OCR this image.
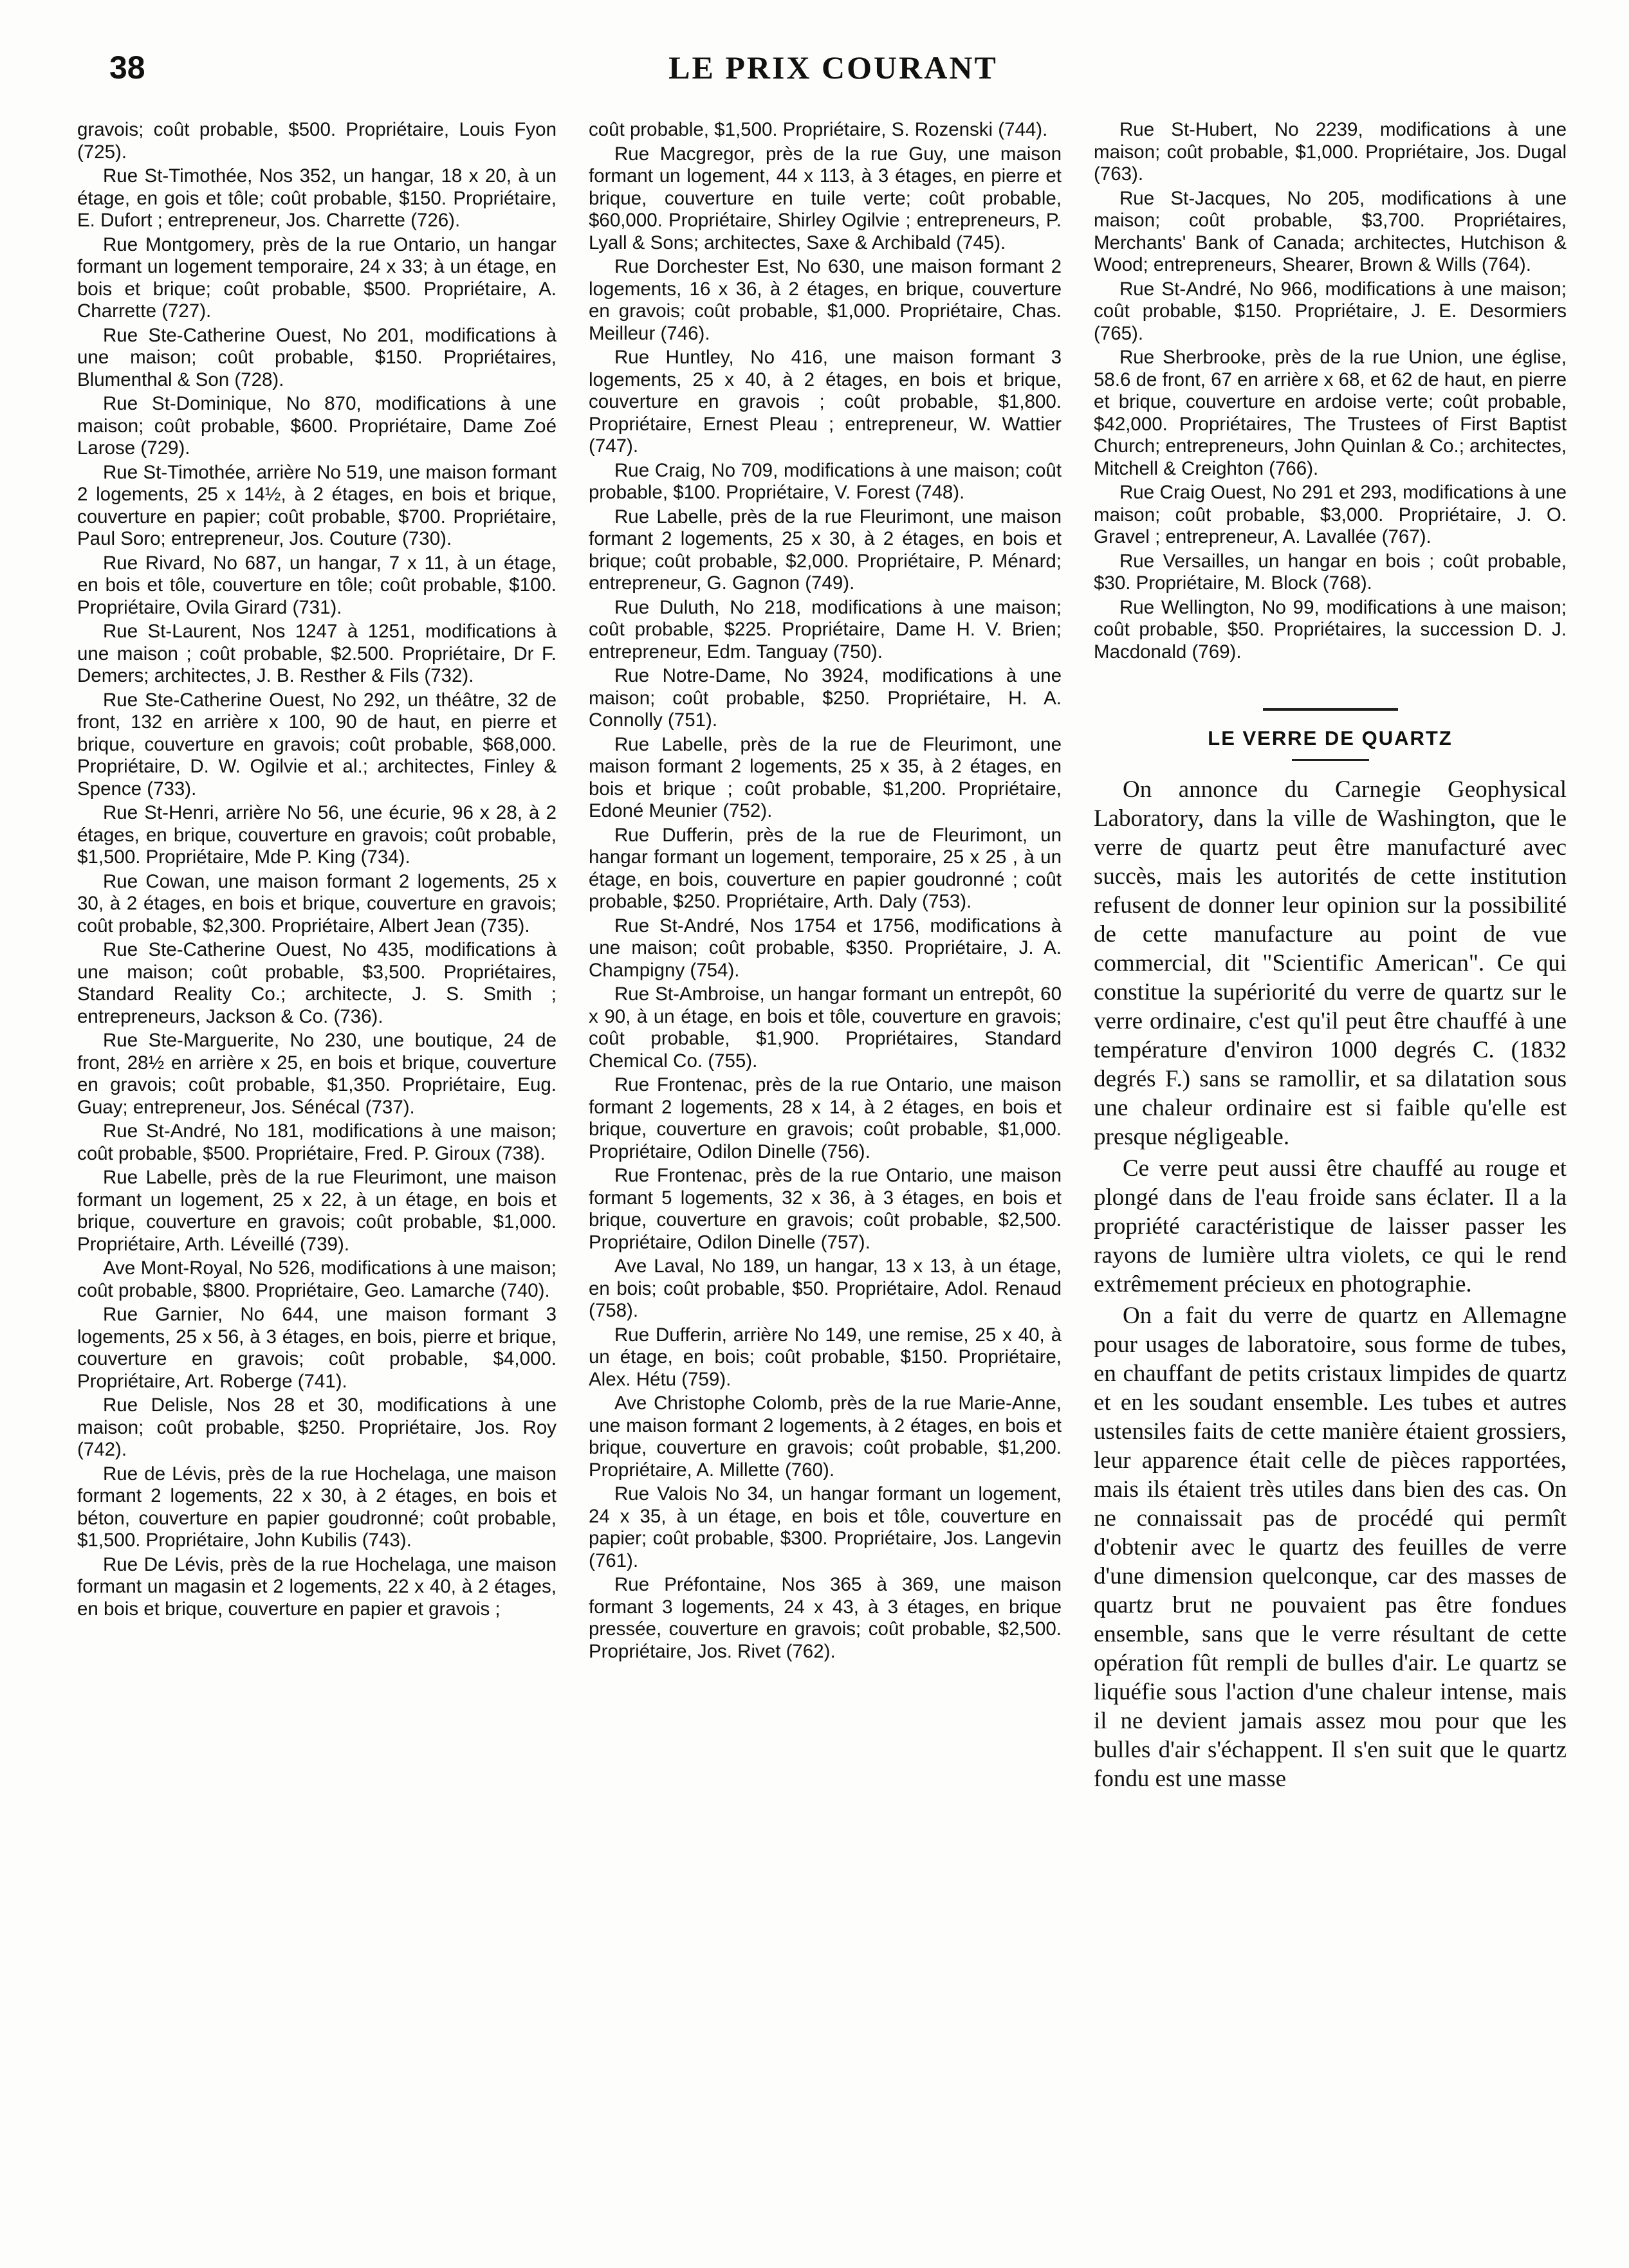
38	LE PRIX COURANT

gravois; coût probable, $500. Propriétaire, Louis Fyon (725).

Rue St-Timothée, Nos 352, un hangar, 18 x 20, à un étage, en gois et tôle; coût probable, $150. Propriétaire, E. Dufort ; entrepreneur, Jos. Charrette (726).

Rue Montgomery, près de la rue Ontario, un hangar formant un logement temporaire, 24 x 33; à un étage, en bois et brique; coût probable, $500. Propriétaire, A. Charrette (727).

Rue Ste-Catherine Ouest, No 201, modifications à une maison; coût probable, $150. Propriétaires, Blumenthal & Son (728).

Rue St-Dominique, No 870, modifications à une maison; coût probable, $600. Propriétaire, Dame Zoé Larose (729).

Rue St-Timothée, arrière No 519, une maison formant 2 logements, 25 x 14½, à 2 étages, en bois et brique, couverture en papier; coût probable, $700. Propriétaire, Paul Soro; entrepreneur, Jos. Couture (730).

Rue Rivard, No 687, un hangar, 7 x 11, à un étage, en bois et tôle, couverture en tôle; coût probable, $100. Propriétaire, Ovila Girard (731).

Rue St-Laurent, Nos 1247 à 1251, modifications à une maison ; coût probable, $2.500. Propriétaire, Dr F. Demers; architectes, J. B. Resther & Fils (732).

Rue Ste-Catherine Ouest, No 292, un théâtre, 32 de front, 132 en arrière x 100, 90 de haut, en pierre et brique, couverture en gravois; coût probable, $68,000. Propriétaire, D. W. Ogilvie et al.; architectes, Finley & Spence (733).

Rue St-Henri, arrière No 56, une écurie, 96 x 28, à 2 étages, en brique, couverture en gravois; coût probable, $1,500. Propriétaire, Mde P. King (734).

Rue Cowan, une maison formant 2 logements, 25 x 30, à 2 étages, en bois et brique, couverture en gravois; coût probable, $2,300. Propriétaire, Albert Jean (735).

Rue Ste-Catherine Ouest, No 435, modifications à une maison; coût probable, $3,500. Propriétaires, Standard Reality Co.; architecte, J. S. Smith ; entrepreneurs, Jackson & Co. (736).

Rue Ste-Marguerite, No 230, une boutique, 24 de front, 28½ en arrière x 25, en bois et brique, couverture en gravois; coût probable, $1,350. Propriétaire, Eug. Guay; entrepreneur, Jos. Sénécal (737).

Rue St-André, No 181, modifications à une maison; coût probable, $500. Propriétaire, Fred. P. Giroux (738).

Rue Labelle, près de la rue Fleurimont, une maison formant un logement, 25 x 22, à un étage, en bois et brique, couverture en gravois; coût probable, $1,000. Propriétaire, Arth. Léveillé (739).

Ave Mont-Royal, No 526, modifications à une maison; coût probable, $800. Propriétaire, Geo. Lamarche (740).

Rue Garnier, No 644, une maison formant 3 logements, 25 x 56, à 3 étages, en bois, pierre et brique, couverture en gravois; coût probable, $4,000. Propriétaire, Art. Roberge (741).

Rue Delisle, Nos 28 et 30, modifications à une maison; coût probable, $250. Propriétaire, Jos. Roy (742).

Rue de Lévis, près de la rue Hochelaga, une maison formant 2 logements, 22 x 30, à 2 étages, en bois et béton, couverture en papier goudronné; coût probable, $1,500. Propriétaire, John Kubilis (743).

Rue De Lévis, près de la rue Hochelaga, une maison formant un magasin et 2 logements, 22 x 40, à 2 étages, en bois et brique, couverture en papier et gravois ;

coût probable, $1,500. Propriétaire, S. Rozenski (744).

Rue Macgregor, près de la rue Guy, une maison formant un logement, 44 x 113, à 3 étages, en pierre et brique, couverture en tuile verte; coût probable, $60,000. Propriétaire, Shirley Ogilvie ; entrepreneurs, P. Lyall & Sons; architectes, Saxe & Archibald (745).

Rue Dorchester Est, No 630, une maison formant 2 logements, 16 x 36, à 2 étages, en brique, couverture en gravois; coût probable, $1,000. Propriétaire, Chas. Meilleur (746).

Rue Huntley, No 416, une maison formant 3 logements, 25 x 40, à 2 étages, en bois et brique, couverture en gravois ; coût probable, $1,800. Propriétaire, Ernest Pleau ; entrepreneur, W. Wattier (747).

Rue Craig, No 709, modifications à une maison; coût probable, $100. Propriétaire, V. Forest (748).

Rue Labelle, près de la rue Fleurimont, une maison formant 2 logements, 25 x 30, à 2 étages, en bois et brique; coût probable, $2,000. Propriétaire, P. Ménard; entrepreneur, G. Gagnon (749).

Rue Duluth, No 218, modifications à une maison; coût probable, $225. Propriétaire, Dame H. V. Brien; entrepreneur, Edm. Tanguay (750).

Rue Notre-Dame, No 3924, modifications à une maison; coût probable, $250. Propriétaire, H. A. Connolly (751).

Rue Labelle, près de la rue de Fleurimont, une maison formant 2 logements, 25 x 35, à 2 étages, en bois et brique ; coût probable, $1,200. Propriétaire, Edoné Meunier (752).

Rue Dufferin, près de la rue de Fleurimont, un hangar formant un logement, temporaire, 25 x 25 , à un étage, en bois, couverture en papier goudronné ; coût probable, $250. Propriétaire, Arth. Daly (753).

Rue St-André, Nos 1754 et 1756, modifications à une maison; coût probable, $350. Propriétaire, J. A. Champigny (754).

Rue St-Ambroise, un hangar formant un entrepôt, 60 x 90, à un étage, en bois et tôle, couverture en gravois; coût probable, $1,900. Propriétaires, Standard Chemical Co. (755).

Rue Frontenac, près de la rue Ontario, une maison formant 2 logements, 28 x 14, à 2 étages, en bois et brique, couverture en gravois; coût probable, $1,000. Propriétaire, Odilon Dinelle (756).

Rue Frontenac, près de la rue Ontario, une maison formant 5 logements, 32 x 36, à 3 étages, en bois et brique, couverture en gravois; coût probable, $2,500. Propriétaire, Odilon Dinelle (757).

Ave Laval, No 189, un hangar, 13 x 13, à un étage, en bois; coût probable, $50. Propriétaire, Adol. Renaud (758).

Rue Dufferin, arrière No 149, une remise, 25 x 40, à un étage, en bois; coût probable, $150. Propriétaire, Alex. Hétu (759).

Ave Christophe Colomb, près de la rue Marie-Anne, une maison formant 2 logements, à 2 étages, en bois et brique, couverture en gravois; coût probable, $1,200. Propriétaire, A. Millette (760).

Rue Valois No 34, un hangar formant un logement, 24 x 35, à un étage, en bois et tôle, couverture en papier; coût probable, $300. Propriétaire, Jos. Langevin (761).

Rue Préfontaine, Nos 365 à 369, une maison formant 3 logements, 24 x 43, à 3 étages, en brique pressée, couverture en gravois; coût probable, $2,500. Propriétaire, Jos. Rivet (762).

Rue St-Hubert, No 2239, modifications à une maison; coût probable, $1,000. Propriétaire, Jos. Dugal (763).

Rue St-Jacques, No 205, modifications à une maison; coût probable, $3,700. Propriétaires, Merchants' Bank of Canada; architectes, Hutchison & Wood; entrepreneurs, Shearer, Brown & Wills (764).

Rue St-André, No 966, modifications à une maison; coût probable, $150. Propriétaire, J. E. Desormiers (765).

Rue Sherbrooke, près de la rue Union, une église, 58.6 de front, 67 en arrière x 68, et 62 de haut, en pierre et brique, couverture en ardoise verte; coût probable, $42,000. Propriétaires, The Trustees of First Baptist Church; entrepreneurs, John Quinlan & Co.; architectes, Mitchell & Creighton (766).

Rue Craig Ouest, No 291 et 293, modifications à une maison; coût probable, $3,000. Propriétaire, J. O. Gravel ; entrepreneur, A. Lavallée (767).

Rue Versailles, un hangar en bois ; coût probable, $30. Propriétaire, M. Block (768).

Rue Wellington, No 99, modifications à une maison; coût probable, $50. Propriétaires, la succession D. J. Macdonald (769).

LE VERRE DE QUARTZ

On annonce du Carnegie Geophysical Laboratory, dans la ville de Washington, que le verre de quartz peut être manufacturé avec succès, mais les autorités de cette institution refusent de donner leur opinion sur la possibilité de cette manufacture au point de vue commercial, dit "Scientific American". Ce qui constitue la supériorité du verre de quartz sur le verre ordinaire, c'est qu'il peut être chauffé à une température d'environ 1000 degrés C. (1832 degrés F.) sans se ramollir, et sa dilatation sous une chaleur ordinaire est si faible qu'elle est presque négligeable.

Ce verre peut aussi être chauffé au rouge et plongé dans de l'eau froide sans éclater. Il a la propriété caractéristique de laisser passer les rayons de lumière ultra violets, ce qui le rend extrêmement précieux en photographie.

On a fait du verre de quartz en Allemagne pour usages de laboratoire, sous forme de tubes, en chauffant de petits cristaux limpides de quartz et en les soudant ensemble. Les tubes et autres ustensiles faits de cette manière étaient grossiers, leur apparence était celle de pièces rapportées, mais ils étaient très utiles dans bien des cas. On ne connaissait pas de procédé qui permît d'obtenir avec le quartz des feuilles de verre d'une dimension quelconque, car des masses de quartz brut ne pouvaient pas être fondues ensemble, sans que le verre résultant de cette opération fût rempli de bulles d'air. Le quartz se liquéfie sous l'action d'une chaleur intense, mais il ne devient jamais assez mou pour que les bulles d'air s'échappent. Il s'en suit que le quartz fondu est une masse
